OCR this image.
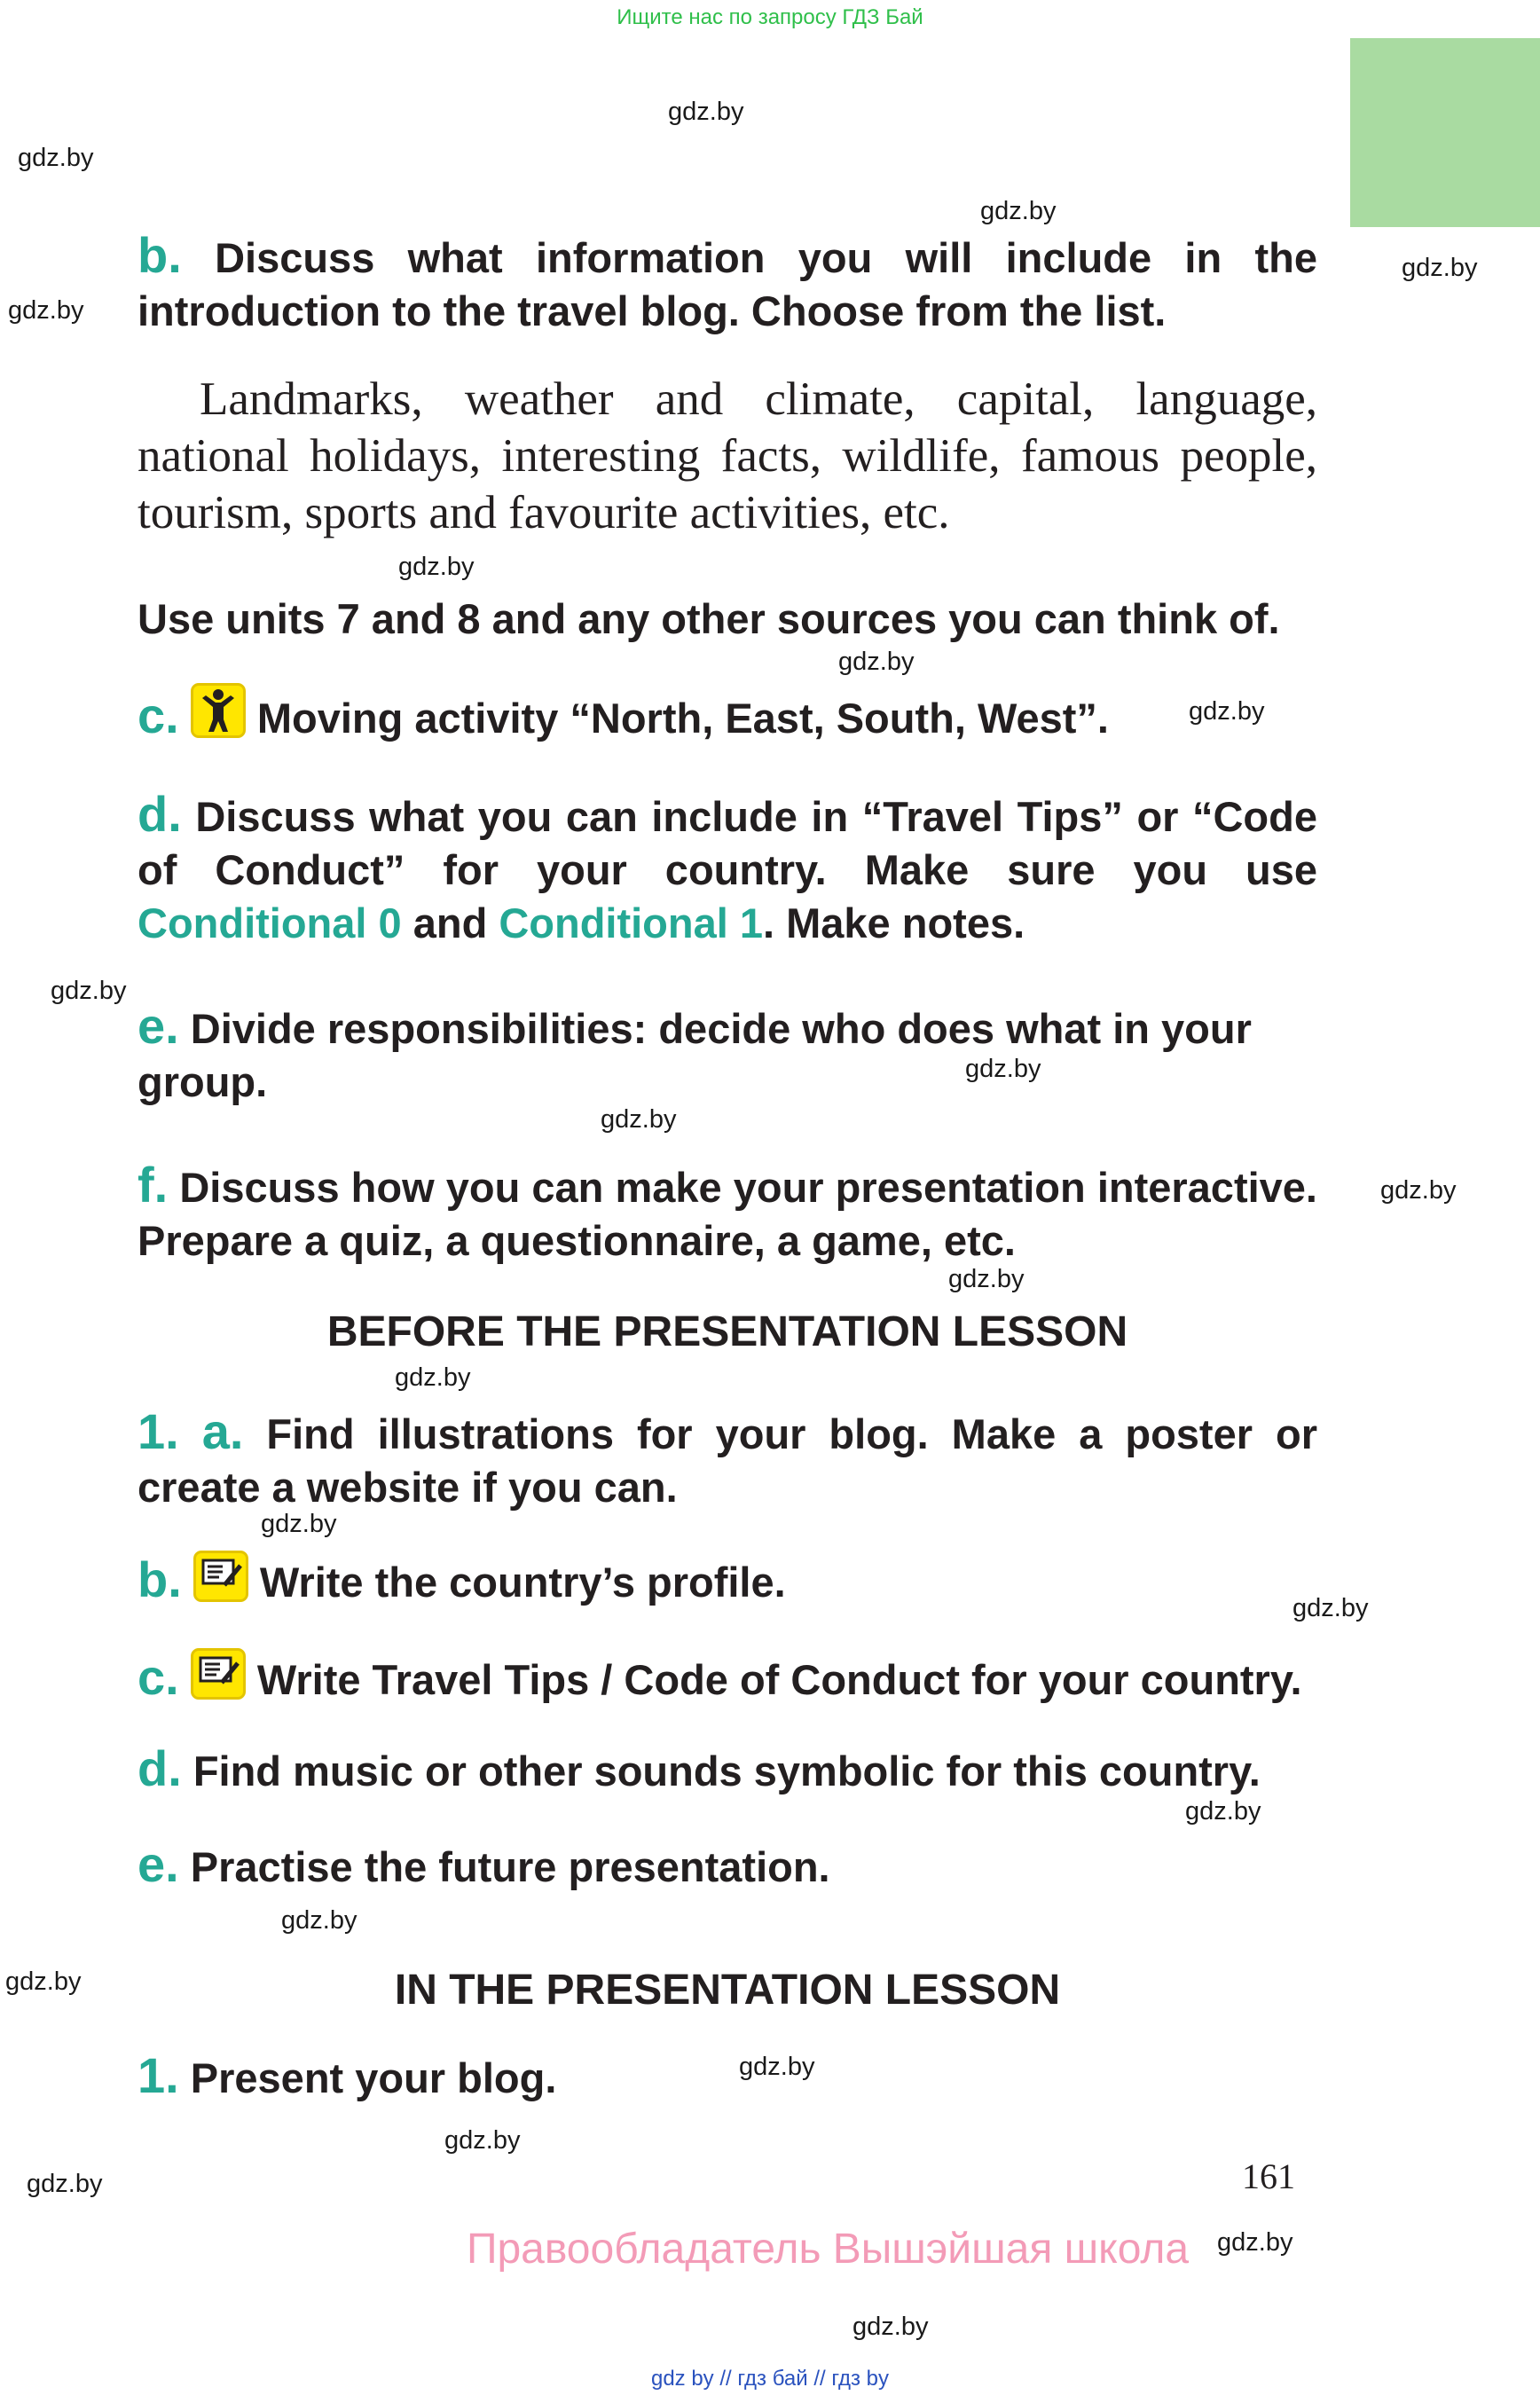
Ищите нас по запросу ГДЗ Бай
gdz.by
gdz.by
gdz.by
gdz.by
gdz.by
gdz.by
gdz.by
gdz.by
gdz.by
gdz.by
gdz.by
gdz.by
gdz.by
gdz.by
gdz.by
gdz.by
gdz.by
gdz.by
gdz.by
gdz.by
gdz.by
gdz.by
gdz.by
gdz.by
b. Discuss what information you will include in the introduction to the travel blog. Choose from the list.
Landmarks, weather and climate, capital, language, national holidays, interesting facts, wildlife, famous people, tourism, sports and favourite activities, etc.
Use units 7 and 8 and any other sources you can think of.
c. Moving activity “North, East, South, West”.
d. Discuss what you can include in “Travel Tips” or “Code of Conduct” for your country. Make sure you use Conditional 0 and Conditional 1. Make notes.
e. Divide responsibilities: decide who does what in your group.
f. Discuss how you can make your presentation interactive. Prepare a quiz, a questionnaire, a game, etc.
BEFORE THE PRESENTATION LESSON
1. a. Find illustrations for your blog. Make a poster or create a website if you can.
b. Write the country’s profile.
c. Write Travel Tips / Code of Conduct for your country.
d. Find music or other sounds symbolic for this country.
e. Practise the future presentation.
IN THE PRESENTATION LESSON
1. Present your blog.
161
Правообладатель Вышэйшая школа
gdz by // гдз бай // гдз by
